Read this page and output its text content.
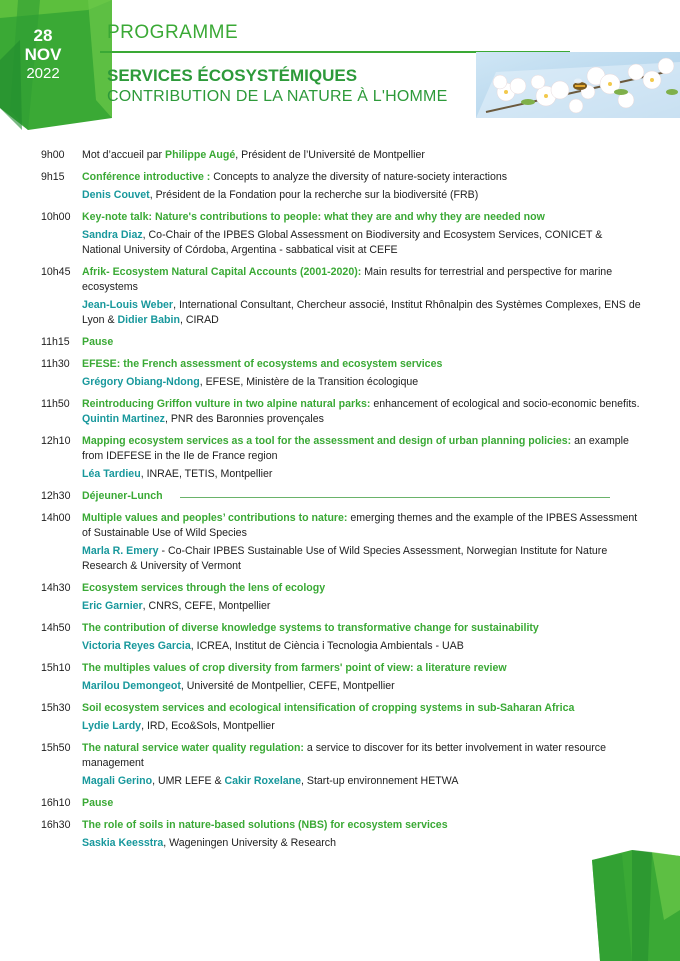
28
NOV
2022
PROGRAMME
SERVICES ÉCOSYSTÉMIQUES
CONTRIBUTION DE LA NATURE À L'HOMME
9h00	Mot d’accueil par Philippe Augé, Président de l’Université de Montpellier
9h15	Conférence introductive : Concepts to analyze the diversity of nature-society interactions
Denis Couvet, Président de la Fondation pour la recherche sur la biodiversité (FRB)
10h00	Key-note talk: Nature's contributions to people: what they are and why they are needed now
Sandra Diaz, Co-Chair of the IPBES Global Assessment on Biodiversity and Ecosystem Services, CONICET & National University of Córdoba, Argentina - sabbatical visit at CEFE
10h45	Afrik- Ecosystem Natural Capital Accounts (2001-2020): Main results for terrestrial and perspective for marine ecosystems
Jean-Louis Weber, International Consultant, Chercheur associé, Institut Rhônalpin des Systèmes Complexes, ENS de Lyon & Didier Babin, CIRAD
11h15	Pause
11h30	EFESE: the French assessment of ecosystems and ecosystem services
Grégory Obiang-Ndong, EFESE, Ministère de la Transition écologique
11h50	Reintroducing Griffon vulture in two alpine natural parks: enhancement of ecological and socio-economic benefits. Quintin Martinez, PNR des Baronnies provençales
12h10	Mapping ecosystem services as a tool for the assessment and design of urban planning policies: an example from IDEFESE in the Ile de France region
Léa Tardieu, INRAE, TETIS, Montpellier
12h30	Déjeuner-Lunch
14h00	Multiple values and peoples’ contributions to nature: emerging themes and the example of the IPBES Assessment of Sustainable Use of Wild Species
Marla R. Emery - Co-Chair IPBES Sustainable Use of Wild Species Assessment, Norwegian Institute for Nature Research & University of Vermont
14h30	Ecosystem services through the lens of ecology
Eric Garnier, CNRS, CEFE, Montpellier
14h50	The contribution of diverse knowledge systems to transformative change for sustainability
Victoria Reyes Garcia, ICREA, Institut de Ciència i Tecnologia Ambientals - UAB
15h10	The multiples values of crop diversity from farmers' point of view: a literature review
Marilou Demongeot, Université de Montpellier, CEFE, Montpellier
15h30	Soil ecosystem services and ecological intensification of cropping systems in sub-Saharan Africa
Lydie Lardy, IRD, Eco&Sols, Montpellier
15h50	The natural service water quality regulation: a service to discover for its better involvement in water resource management
Magali Gerino, UMR LEFE & Cakir Roxelane, Start-up environnement HETWA
16h10	Pause
16h30	The role of soils in nature-based solutions (NBS) for ecosystem services
Saskia Keesstra, Wageningen University & Research
